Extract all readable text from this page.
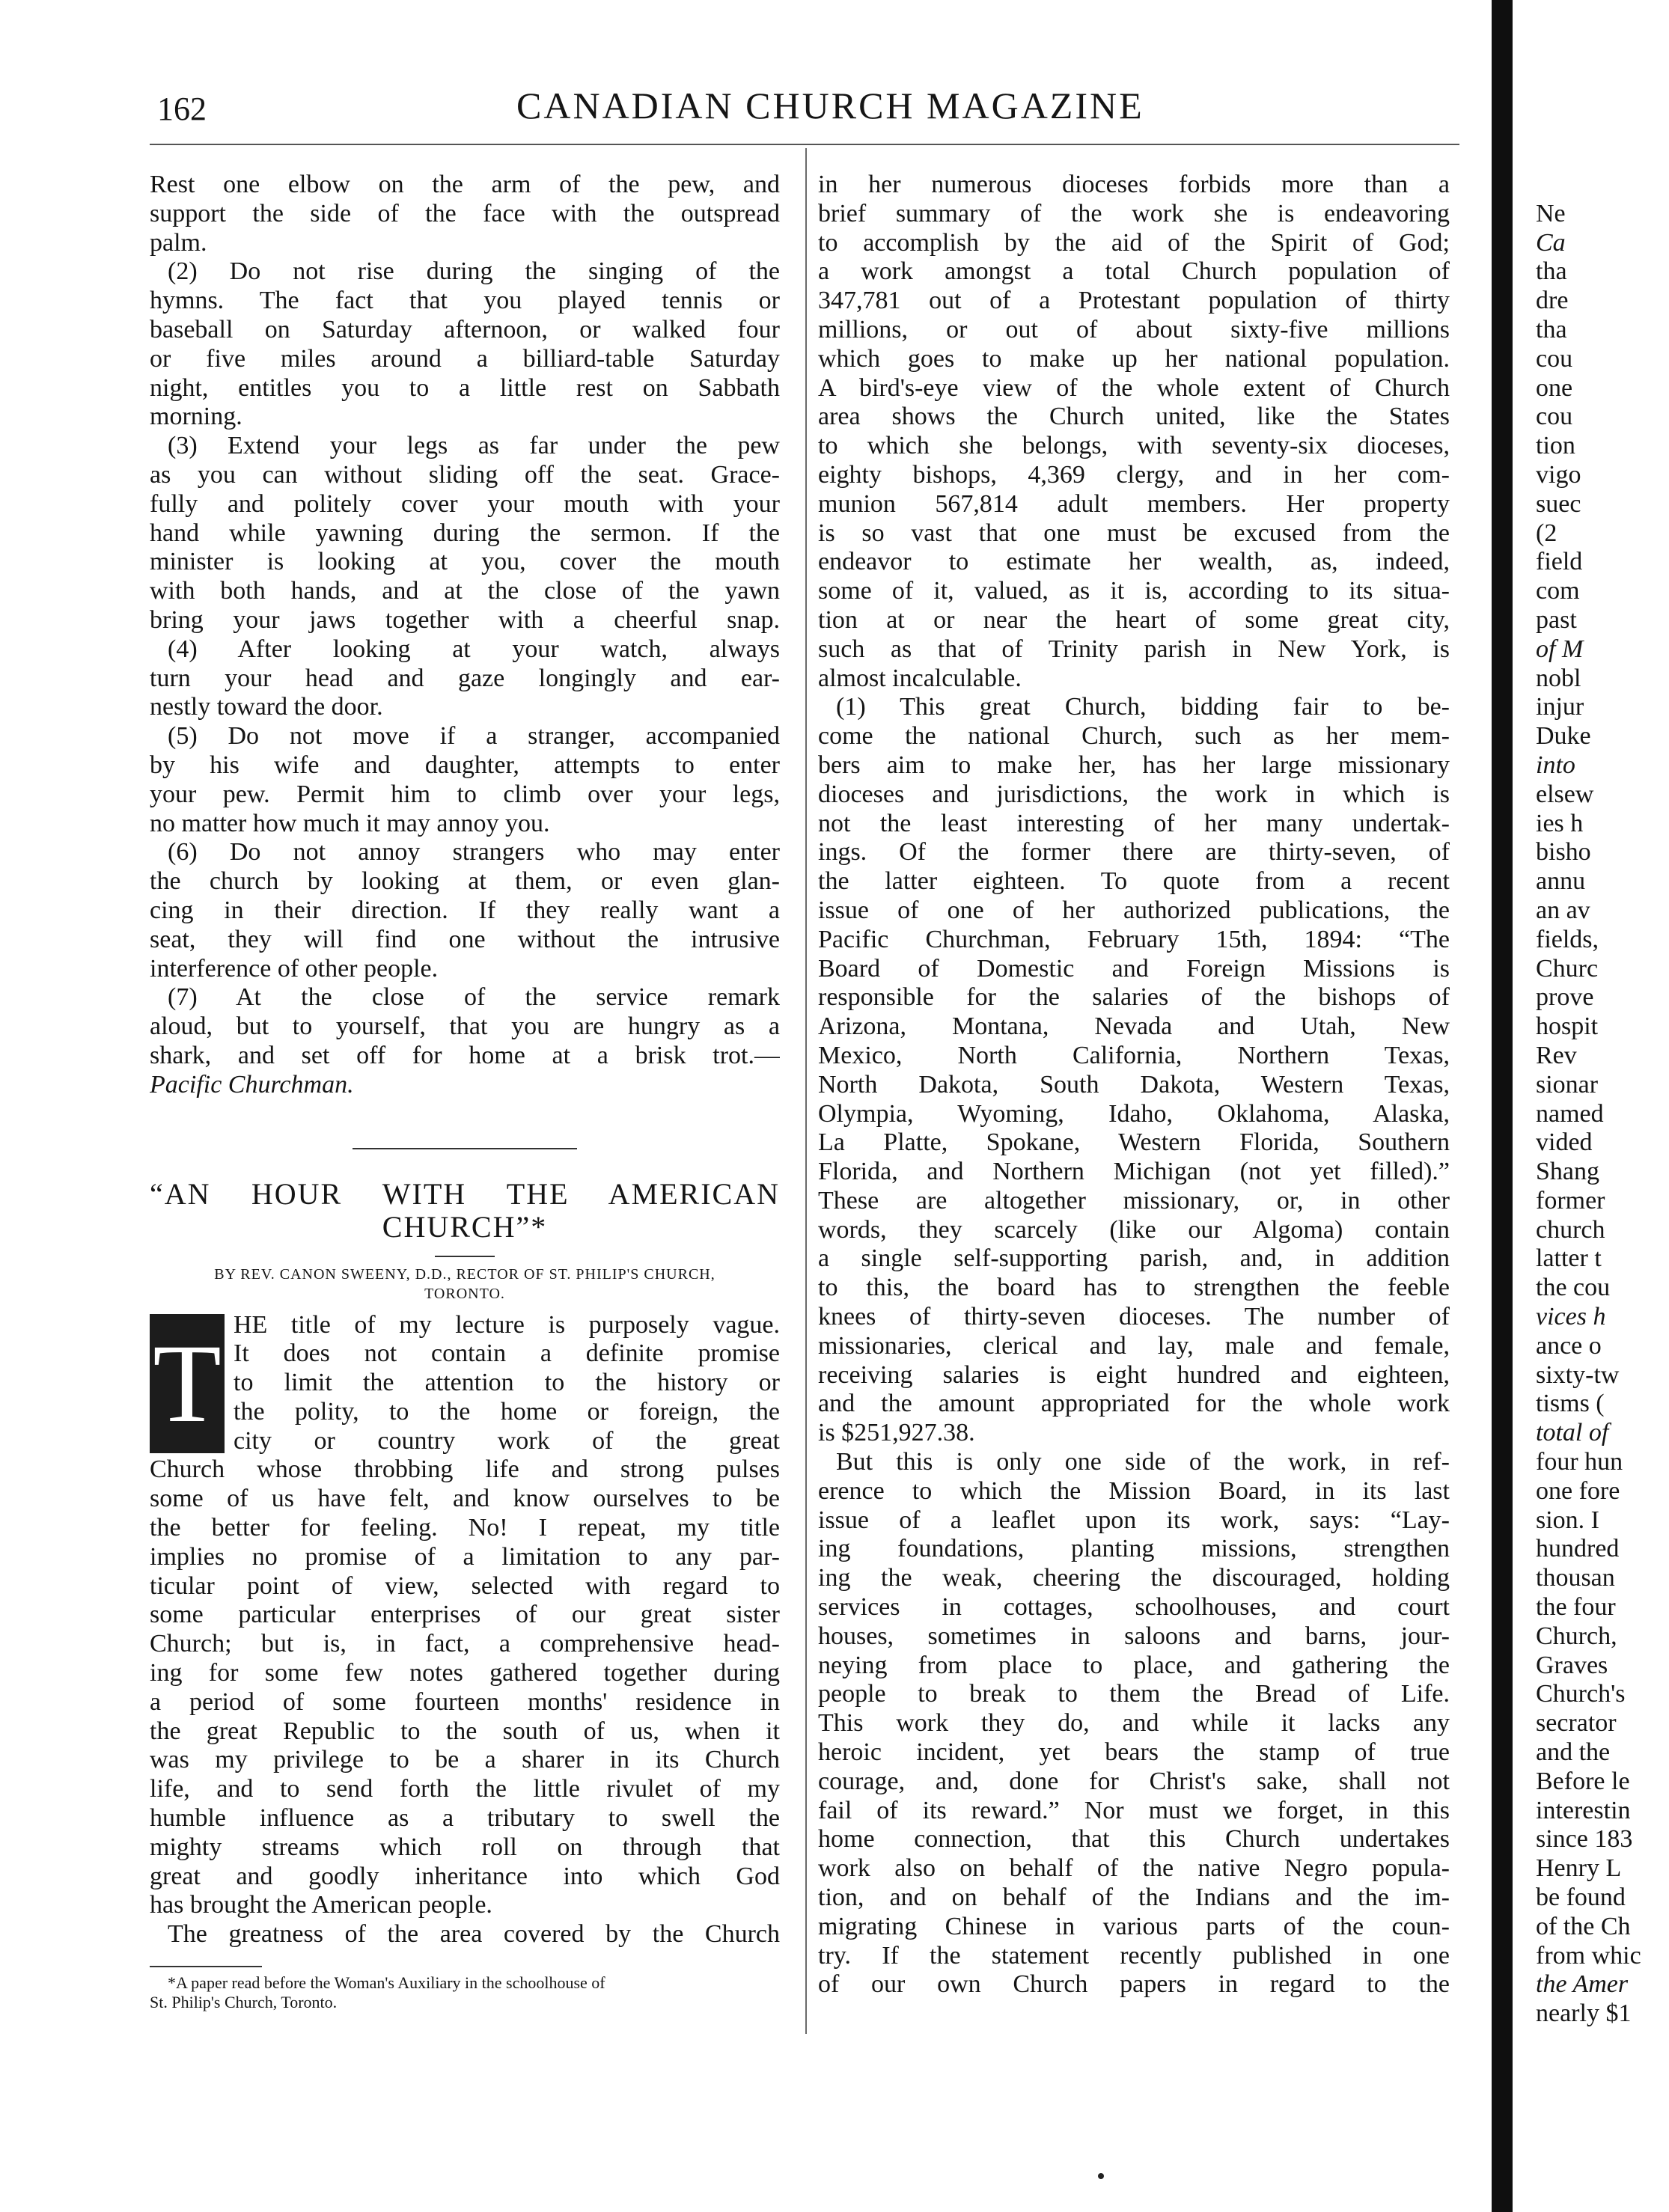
162	CANADIAN CHURCH MAGAZINE
Rest one elbow on the arm of the pew, and
support the side of the face with the outspread
palm.
(2) Do not rise during the singing of the
hymns. The fact that you played tennis or
baseball on Saturday afternoon, or walked four
or five miles around a billiard-table Saturday
night, entitles you to a little rest on Sabbath
morning.
(3) Extend your legs as far under the pew
as you can without sliding off the seat. Grace-
fully and politely cover your mouth with your
hand while yawning during the sermon. If the
minister is looking at you, cover the mouth
with both hands, and at the close of the yawn
bring your jaws together with a cheerful snap.
(4) After looking at your watch, always
turn your head and gaze longingly and ear-
nestly toward the door.
(5) Do not move if a stranger, accompanied
by his wife and daughter, attempts to enter
your pew. Permit him to climb over your legs,
no matter how much it may annoy you.
(6) Do not annoy strangers who may enter
the church by looking at them, or even glan-
cing in their direction. If they really want a
seat, they will find one without the intrusive
interference of other people.
(7) At the close of the service remark
aloud, but to yourself, that you are hungry as a
shark, and set off for home at a brisk trot.—
Pacific Churchman.
“AN HOUR WITH THE AMERICAN
CHURCH”*
BY REV. CANON SWEENY, D.D., RECTOR OF ST. PHILIP'S CHURCH,
TORONTO.
T HE title of my lecture is purposely vague.
It does not contain a definite promise
to limit the attention to the history or
the polity, to the home or foreign, the
city or country work of the great
Church whose throbbing life and strong pulses
some of us have felt, and know ourselves to be
the better for feeling. No! I repeat, my title
implies no promise of a limitation to any par-
ticular point of view, selected with regard to
some particular enterprises of our great sister
Church; but is, in fact, a comprehensive head-
ing for some few notes gathered together during
a period of some fourteen months' residence in
the great Republic to the south of us, when it
was my privilege to be a sharer in its Church
life, and to send forth the little rivulet of my
humble influence as a tributary to swell the
mighty streams which roll on through that
great and goodly inheritance into which God
has brought the American people.
The greatness of the area covered by the Church
*A paper read before the Woman's Auxiliary in the schoolhouse of
St. Philip's Church, Toronto.
in her numerous dioceses forbids more than a
brief summary of the work she is endeavoring
to accomplish by the aid of the Spirit of God;
a work amongst a total Church population of
347,781 out of a Protestant population of thirty
millions, or out of about sixty-five millions
which goes to make up her national population.
A bird's-eye view of the whole extent of Church
area shows the Church united, like the States
to which she belongs, with seventy-six dioceses,
eighty bishops, 4,369 clergy, and in her com-
munion 567,814 adult members. Her property
is so vast that one must be excused from the
endeavor to estimate her wealth, as, indeed,
some of it, valued, as it is, according to its situa-
tion at or near the heart of some great city,
such as that of Trinity parish in New York, is
almost incalculable.
(1) This great Church, bidding fair to be-
come the national Church, such as her mem-
bers aim to make her, has her large missionary
dioceses and jurisdictions, the work in which is
not the least interesting of her many undertak-
ings. Of the former there are thirty-seven, of
the latter eighteen. To quote from a recent
issue of one of her authorized publications, the
Pacific Churchman, February 15th, 1894: “The
Board of Domestic and Foreign Missions is
responsible for the salaries of the bishops of
Arizona, Montana, Nevada and Utah, New
Mexico, North California, Northern Texas,
North Dakota, South Dakota, Western Texas,
Olympia, Wyoming, Idaho, Oklahoma, Alaska,
La Platte, Spokane, Western Florida, Southern
Florida, and Northern Michigan (not yet filled).”
These are altogether missionary, or, in other
words, they scarcely (like our Algoma) contain
a single self-supporting parish, and, in addition
to this, the board has to strengthen the feeble
knees of thirty-seven dioceses. The number of
missionaries, clerical and lay, male and female,
receiving salaries is eight hundred and eighteen,
and the amount appropriated for the whole work
is $251,927.38.
But this is only one side of the work, in ref-
erence to which the Mission Board, in its last
issue of a leaflet upon its work, says: “Lay-
ing foundations, planting missions, strengthen
ing the weak, cheering the discouraged, holding
services in cottages, schoolhouses, and court
houses, sometimes in saloons and barns, jour-
neying from place to place, and gathering the
people to break to them the Bread of Life.
This work they do, and while it lacks any
heroic incident, yet bears the stamp of true
courage, and, done for Christ's sake, shall not
fail of its reward.” Nor must we forget, in this
home connection, that this Church undertakes
work also on behalf of the native Negro popula-
tion, and on behalf of the Indians and the im-
migrating Chinese in various parts of the coun-
try. If the statement recently published in one
of our own Church papers in regard to the
Ne
Ca
tha
dre
tha
cou
one
cou
tion
vigo
suec
(2
field
com
past
of M
nobl
injur
Duke
into
elsew
ies h
bisho
annu
an av
fields,
Churc
prove
hospit
Rev
sionar
named
vided
Shang
former
church
latter t
the cou
vices h
ance o
sixty-tw
tisms (
total of
four hun
one fore
sion. I
hundred
thousan
the four
Church,
Graves
Church's
secrator
and the
Before le
interestin
since 183
Henry L
be found
of the Ch
from whic
the Amer
nearly $1
